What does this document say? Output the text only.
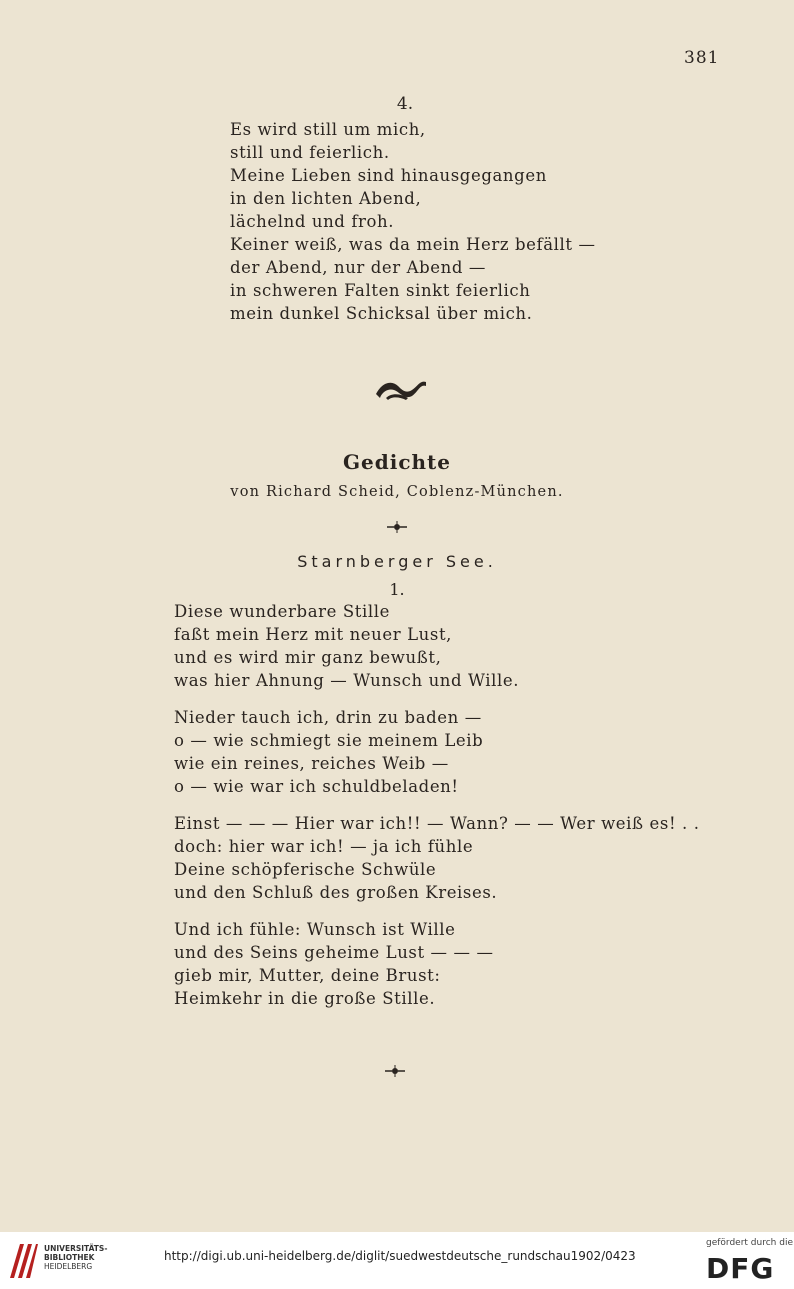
381
4.
Es wird still um mich,
still und feierlich.
Meine Lieben sind hinausgegangen
in den lichten Abend,
lächelnd und froh.
Keiner weiß, was da mein Herz befällt —
der Abend, nur der Abend —
in schweren Falten sinkt feierlich
mein dunkel Schicksal über mich.
Gedichte
von Richard Scheid, Coblenz-München.
Starnberger See.
1.
Diese wunderbare Stille
faßt mein Herz mit neuer Lust,
und es wird mir ganz bewußt,
was hier Ahnung — Wunsch und Wille.
Nieder tauch ich, drin zu baden —
o — wie schmiegt sie meinem Leib
wie ein reines, reiches Weib —
o — wie war ich schuldbeladen!
Einst — — — Hier war ich!! — Wann? — — Wer weiß es! . .
doch: hier war ich! — ja ich fühle
Deine schöpferische Schwüle
und den Schluß des großen Kreises.
Und ich fühle: Wunsch ist Wille
und des Seins geheime Lust — — —
gieb mir, Mutter, deine Brust:
Heimkehr in die große Stille.
UNIVERSITÄTS-
BIBLIOTHEK
HEIDELBERG
http://digi.ub.uni-heidelberg.de/diglit/suedwestdeutsche_rundschau1902/0423
gefördert durch die
DFG
